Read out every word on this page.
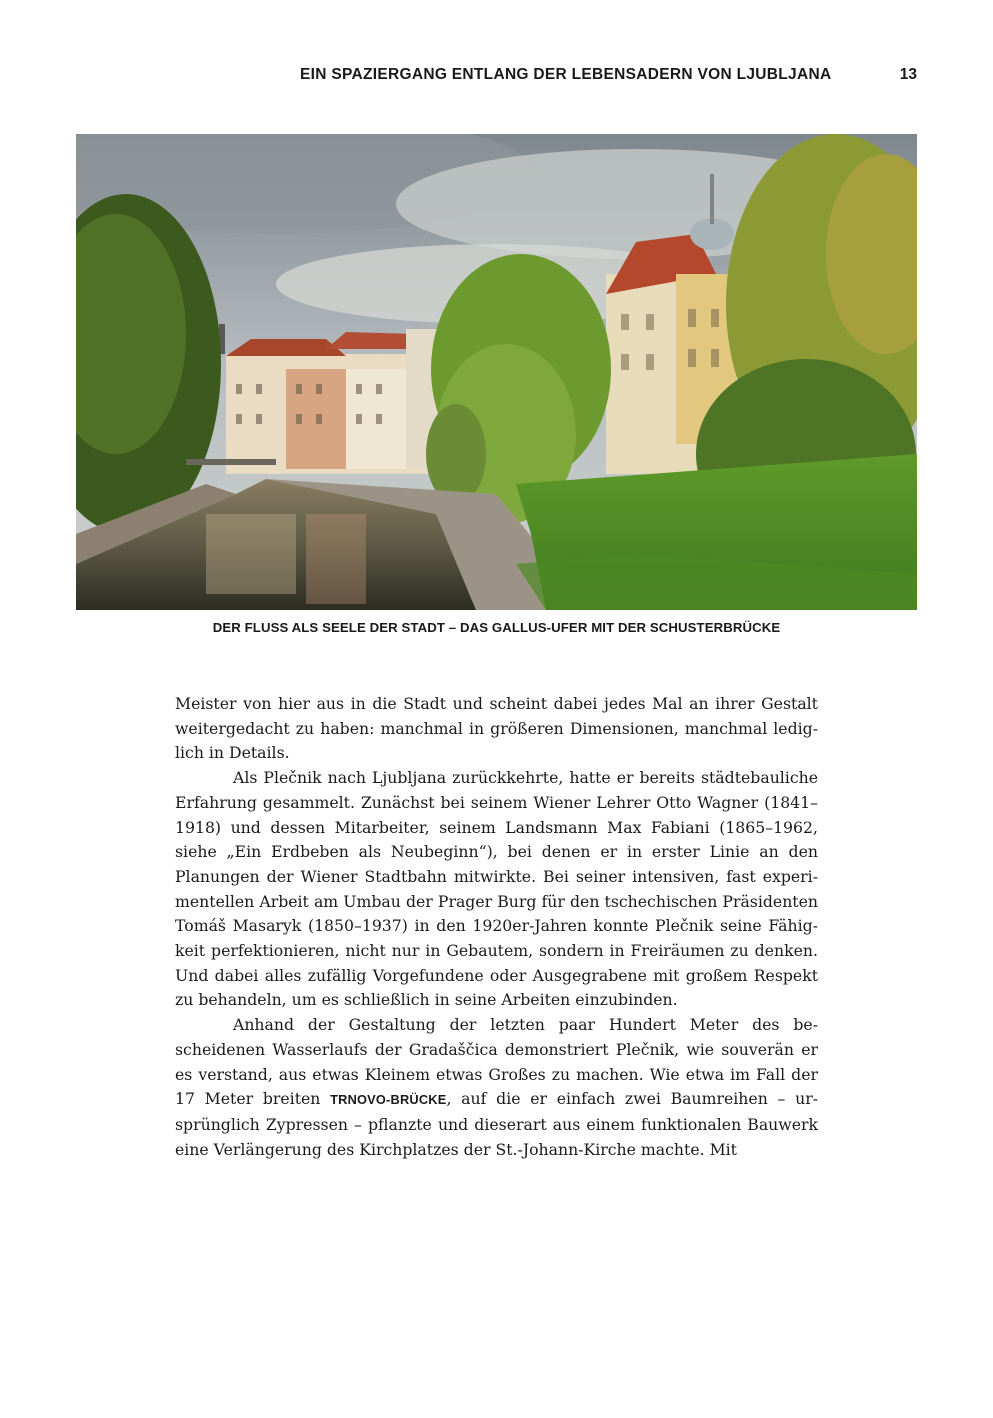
EIN SPAZIERGANG ENTLANG DER LEBENSADERN VON LJUBLJANA	13
DER FLUSS ALS SEELE DER STADT – DAS GALLUS-UFER MIT DER SCHUSTERBRÜCKE

Meister von hier aus in die Stadt und scheint dabei jedes Mal an ihrer Gestalt weitergedacht zu haben: manchmal in größeren Dimensionen, manchmal lediglich in Details.

Als Plečnik nach Ljubljana zurückkehrte, hatte er bereits städtebauliche Erfahrung gesammelt. Zunächst bei seinem Wiener Lehrer Otto Wagner (1841–1918) und dessen Mitarbeiter, seinem Landsmann Max Fabiani (1865–1962, siehe „Ein Erdbeben als Neubeginn“), bei denen er in erster Linie an den Planungen der Wiener Stadtbahn mitwirkte. Bei seiner intensiven, fast experimentellen Arbeit am Umbau der Prager Burg für den tschechischen Präsidenten Tomáš Masaryk (1850–1937) in den 1920er-Jahren konnte Plečnik seine Fähigkeit perfektionieren, nicht nur in Gebautem, sondern in Freiräumen zu denken. Und dabei alles zufällig Vorgefundene oder Ausgegrabene mit großem Respekt zu behandeln, um es schließlich in seine Arbeiten einzubinden.

Anhand der Gestaltung der letzten paar Hundert Meter des bescheidenen Wasserlaufs der Gradaščica demonstriert Plečnik, wie souverän er es verstand, aus etwas Kleinem etwas Großes zu machen. Wie etwa im Fall der 17 Meter breiten TRNOVO-BRÜCKE, auf die er einfach zwei Baumreihen – ursprünglich Zypressen – pflanzte und dieserart aus einem funktionalen Bauwerk eine Verlängerung des Kirchplatzes der St.-Johann-Kirche machte. Mit
